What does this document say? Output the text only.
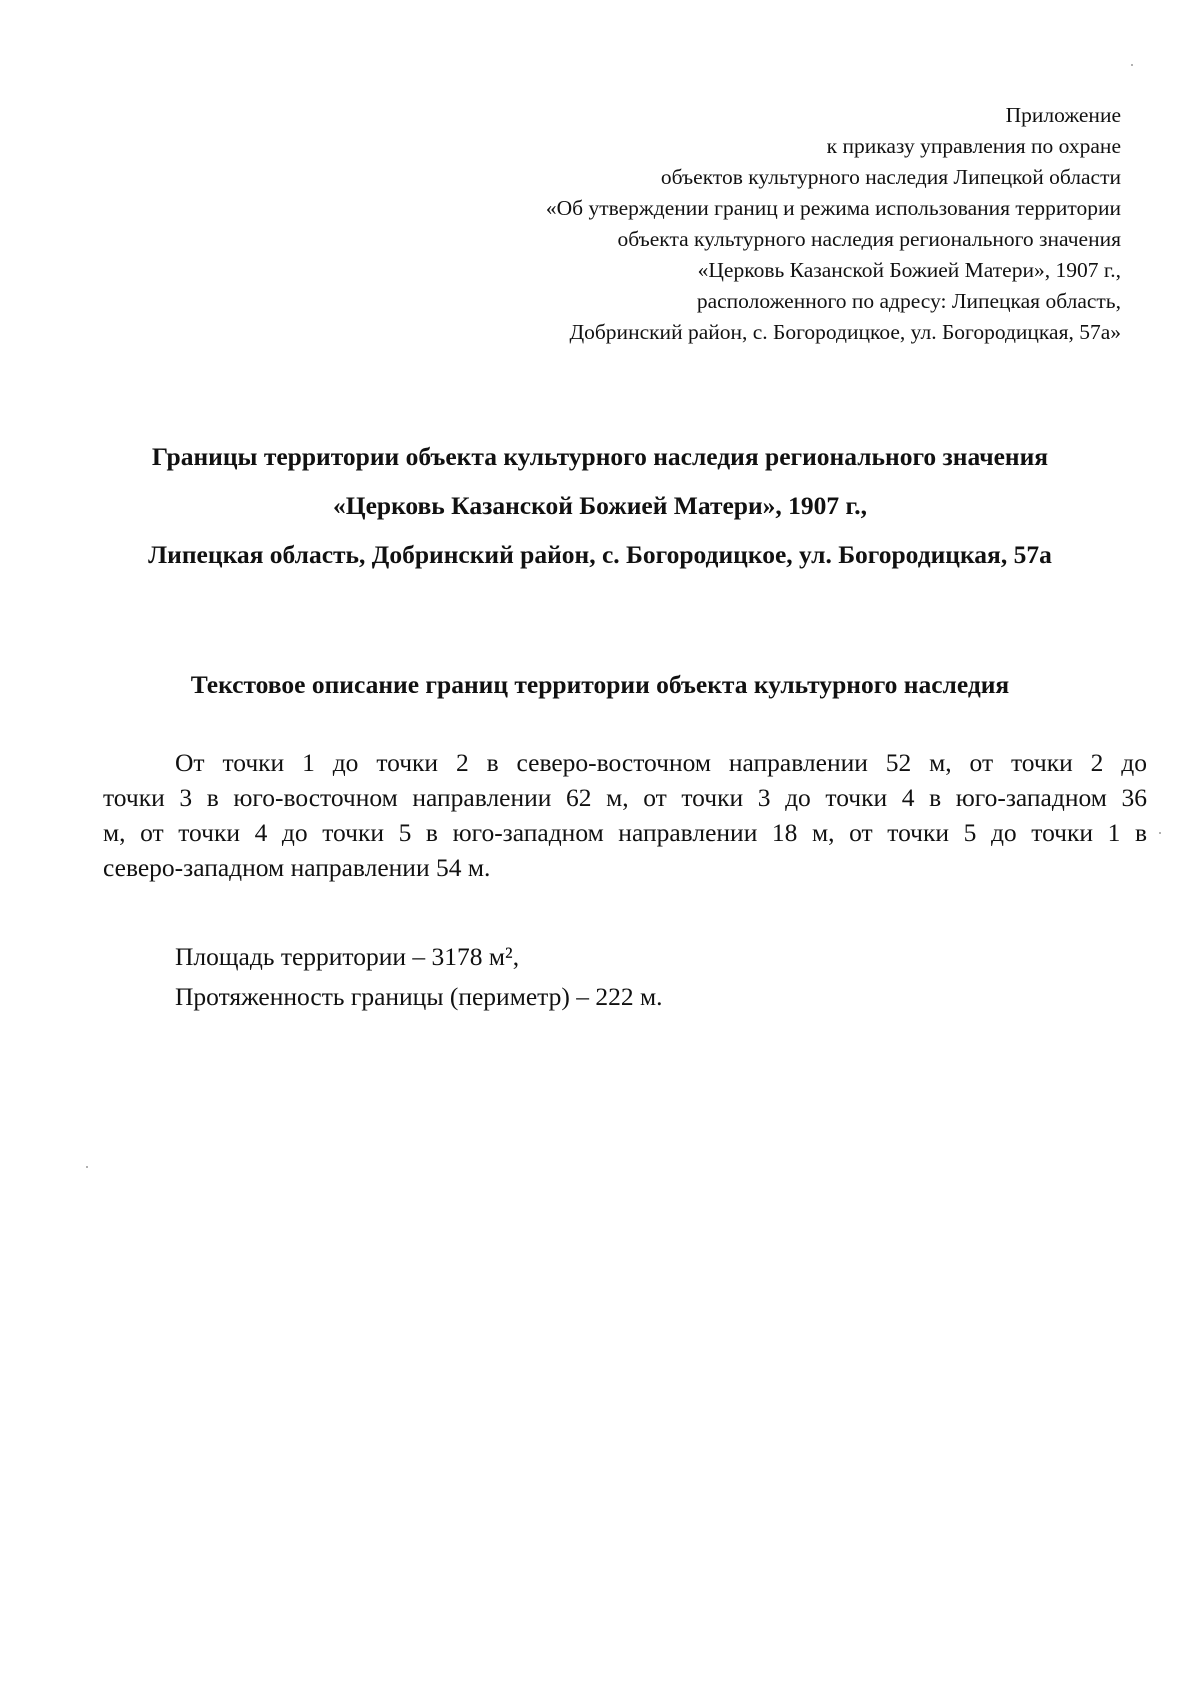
Приложение
к приказу управления по охране
объектов культурного наследия Липецкой области
«Об утверждении границ и режима использования территории
объекта культурного наследия регионального значения
«Церковь Казанской Божией Матери», 1907 г.,
расположенного по адресу: Липецкая область,
Добринский район, с. Богородицкое, ул. Богородицкая, 57а»
Границы территории объекта культурного наследия регионального значения
«Церковь Казанской Божией Матери», 1907 г.,
Липецкая область, Добринский район, с. Богородицкое, ул. Богородицкая, 57а
Текстовое описание границ территории объекта культурного наследия
От точки 1 до точки 2 в северо-восточном направлении 52 м, от точки 2 до
точки 3 в юго-восточном направлении 62 м, от точки 3 до точки 4 в юго-западном 36
м, от точки 4 до точки 5 в юго-западном направлении 18 м, от точки 5 до точки 1 в
северо-западном направлении 54 м.
Площадь территории – 3178 м²,
Протяженность границы (периметр) – 222 м.
